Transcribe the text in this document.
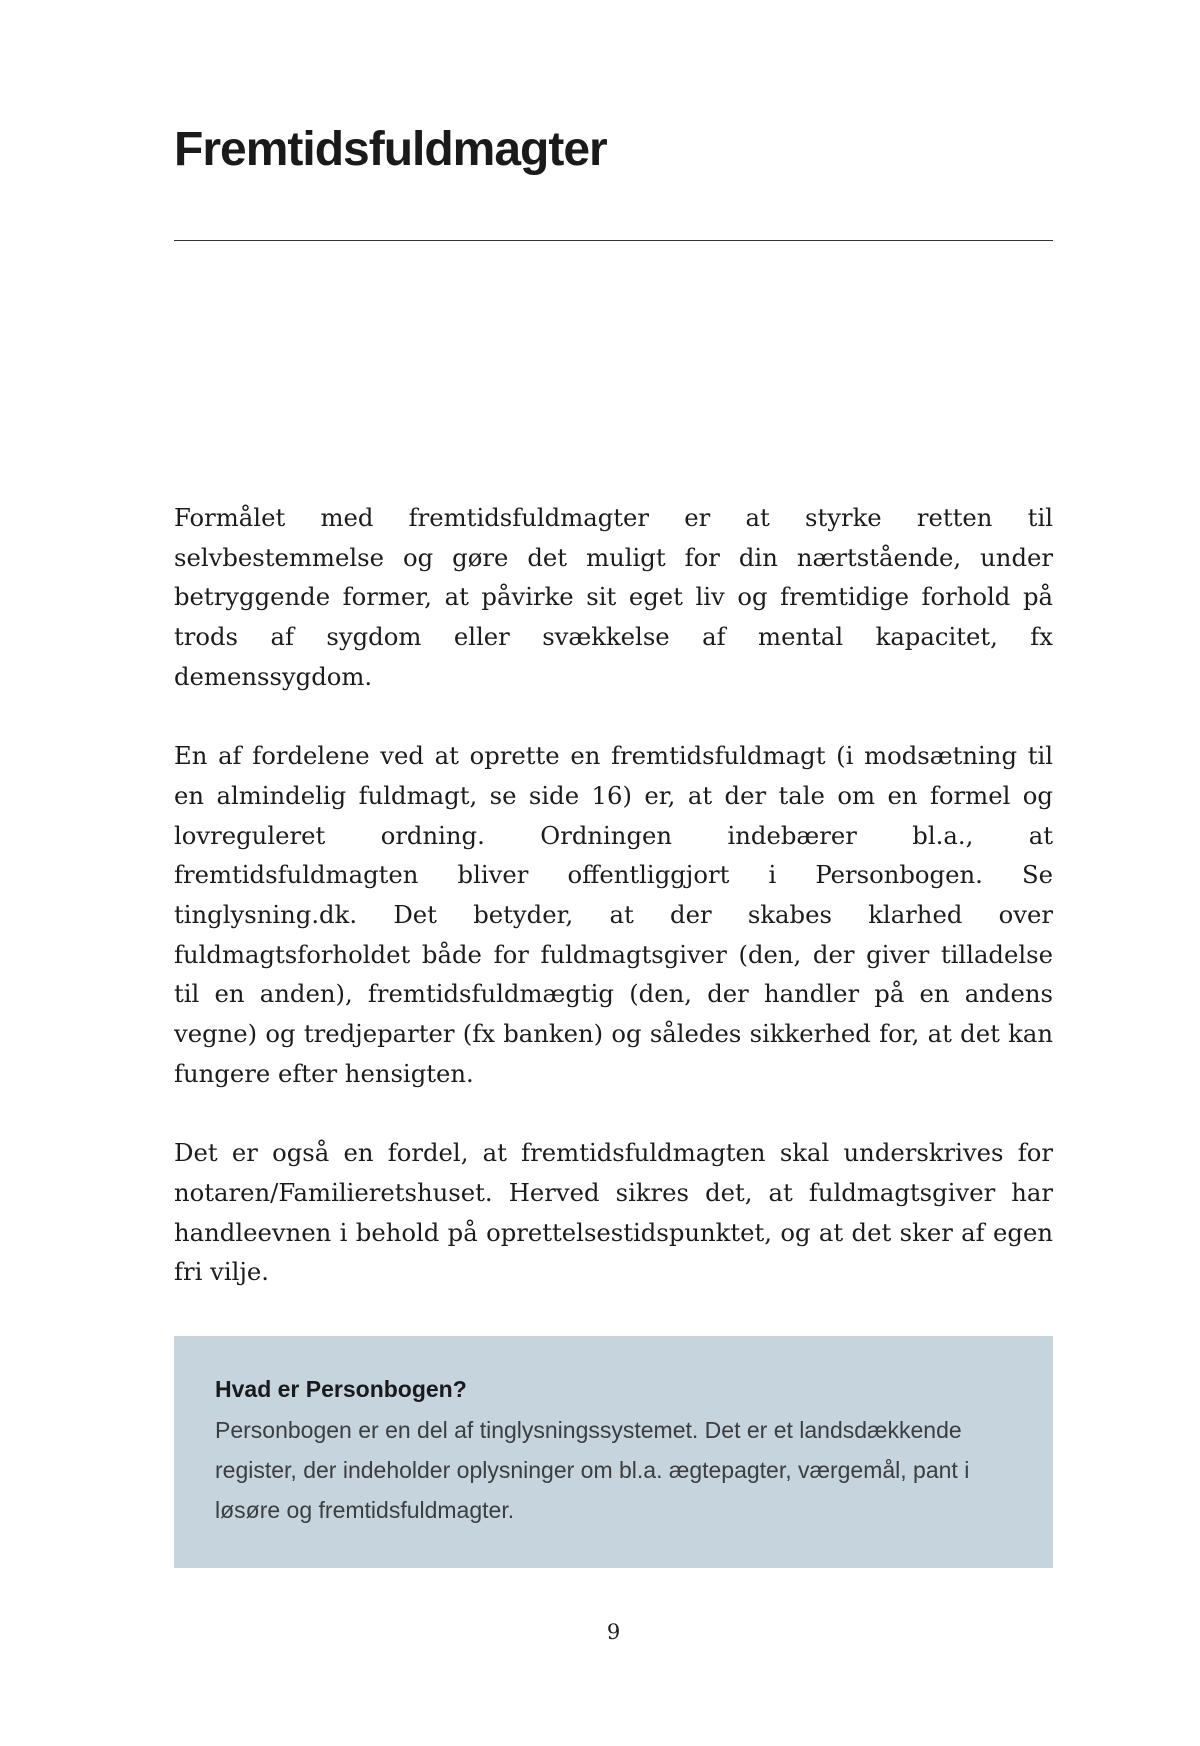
Fremtidsfuldmagter

Formålet med fremtidsfuldmagter er at styrke retten til selvbestemmelse og gøre det muligt for din nærtstående, under betryggende former, at påvirke sit eget liv og fremtidige forhold på trods af sygdom eller svækkelse af mental kapacitet, fx demenssygdom.

En af fordelene ved at oprette en fremtidsfuldmagt (i modsætning til en almindelig fuldmagt, se side 16) er, at der tale om en formel og lovreguleret ordning. Ordningen indebærer bl.a., at fremtidsfuldmagten bliver offentliggjort i Personbogen. Se tinglysning.dk. Det betyder, at der skabes klarhed over fuldmagtsforholdet både for fuldmagtsgiver (den, der giver tilladelse til en anden), fremtidsfuldmægtig (den, der handler på en andens vegne) og tredjeparter (fx banken) og således sikkerhed for, at det kan fungere efter hensigten.

Det er også en fordel, at fremtidsfuldmagten skal underskrives for notaren/Familieretshuset. Herved sikres det, at fuldmagtsgiver har handleevnen i behold på oprettelsestidspunktet, og at det sker af egen fri vilje.

Hvad er Personbogen?
Personbogen er en del af tinglysningssystemet. Det er et landsdækkende register, der indeholder oplysninger om bl.a. ægtepagter, værgemål, pant i løsøre og fremtidsfuldmagter.
9
